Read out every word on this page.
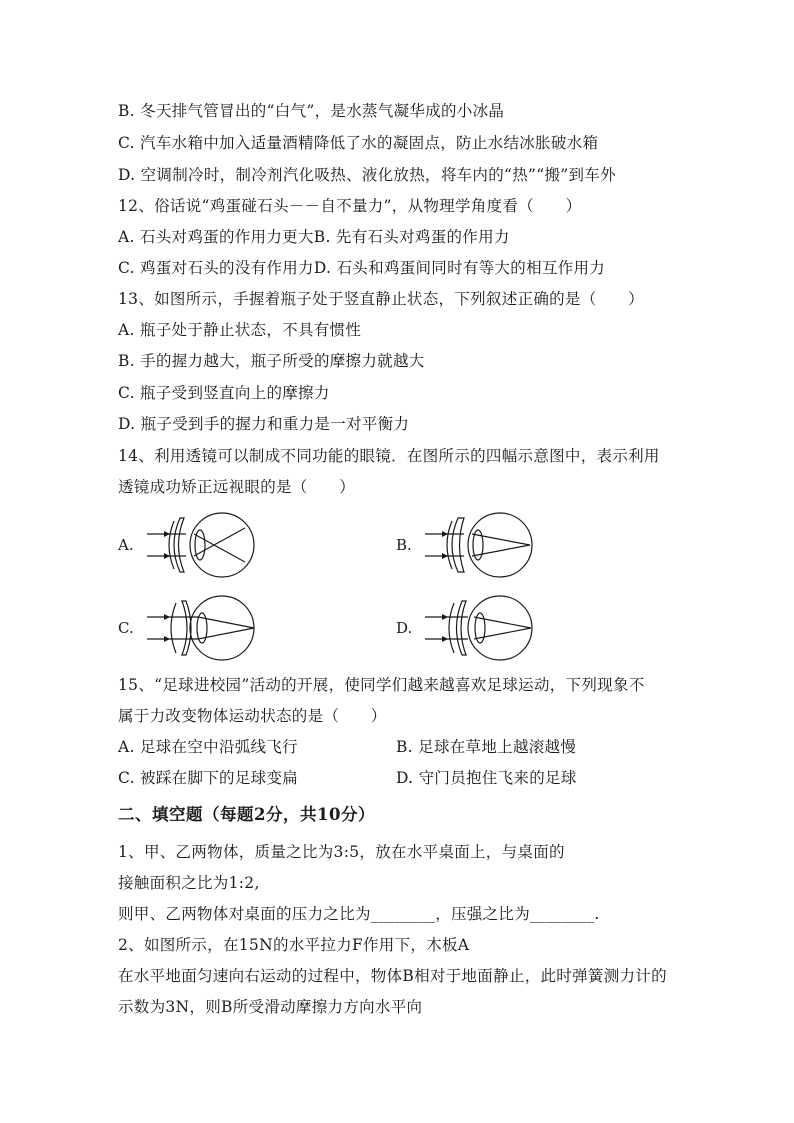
B. 冬天排气管冒出的“白气”，是水蒸气凝华成的小冰晶
C. 汽车水箱中加入适量酒精降低了水的凝固点，防止水结冰胀破水箱
D. 空调制冷时，制冷剂汽化吸热、液化放热，将车内的“热”“搬”到车外
12、俗话说“鸡蛋碰石头－－自不量力”，从物理学角度看（　　）
A. 石头对鸡蛋的作用力更大B. 先有石头对鸡蛋的作用力
C. 鸡蛋对石头的没有作用力D. 石头和鸡蛋间同时有等大的相互作用力
13、如图所示，手握着瓶子处于竖直静止状态，下列叙述正确的是（　　）
A. 瓶子处于静止状态，不具有惯性
B. 手的握力越大，瓶子所受的摩擦力就越大
C. 瓶子受到竖直向上的摩擦力
D. 瓶子受到手的握力和重力是一对平衡力
14、利用透镜可以制成不同功能的眼镜．在图所示的四幅示意图中，表示利用
透镜成功矫正远视眼的是（　　）
A.	B.
C.	D.
15、“足球进校园”活动的开展，使同学们越来越喜欢足球运动，下列现象不
属于力改变物体运动状态的是（　　）
A. 足球在空中沿弧线飞行	B. 足球在草地上越滚越慢
C. 被踩在脚下的足球变扁	D. 守门员抱住飞来的足球
二、填空题（每题2分，共10分）
1、甲、乙两物体，质量之比为3:5，放在水平桌面上，与桌面的
接触面积之比为1:2,
则甲、乙两物体对桌面的压力之比为________，压强之比为________.
2、如图所示，在15N的水平拉力F作用下，木板A
在水平地面匀速向右运动的过程中，物体B相对于地面静止，此时弹簧测力计的
示数为3N，则B所受滑动摩擦力方向水平向
